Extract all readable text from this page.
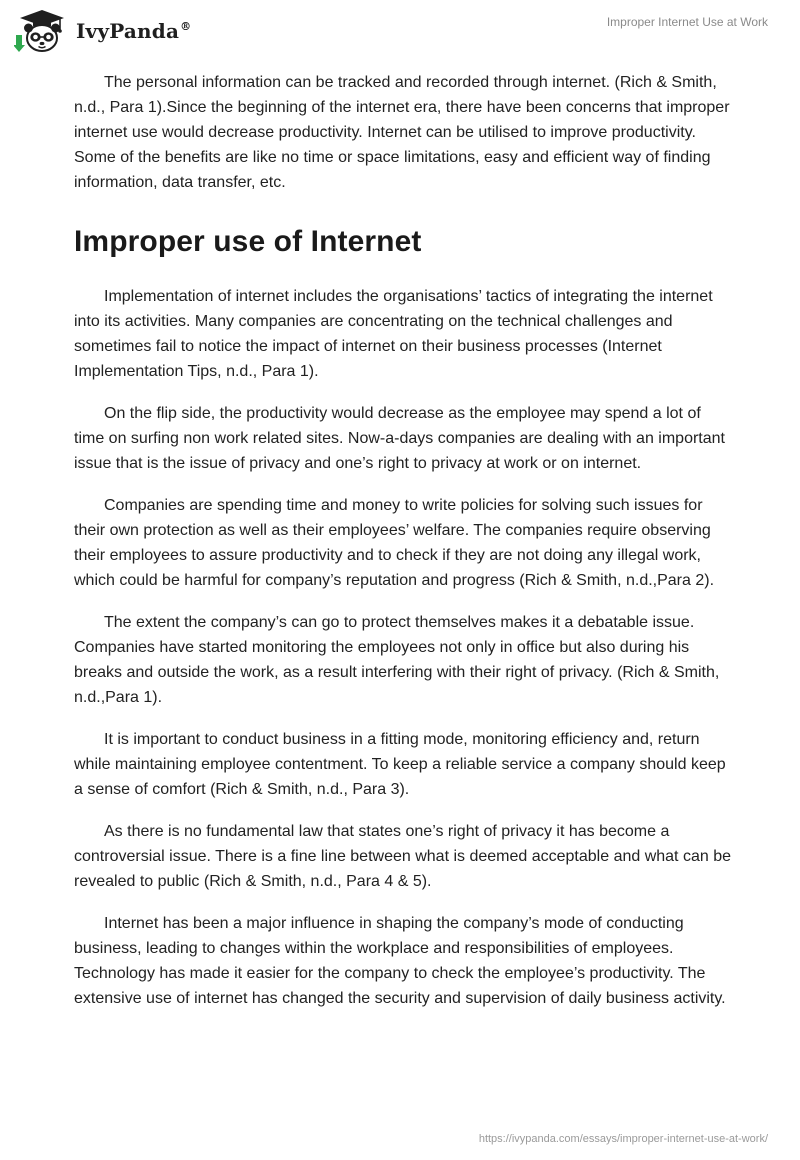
IvyPanda®	Improper Internet Use at Work

The personal information can be tracked and recorded through internet. (Rich & Smith, n.d., Para 1).Since the beginning of the internet era, there have been concerns that improper internet use would decrease productivity. Internet can be utilised to improve productivity. Some of the benefits are like no time or space limitations, easy and efficient way of finding information, data transfer, etc.

Improper use of Internet

Implementation of internet includes the organisations’ tactics of integrating the internet into its activities. Many companies are concentrating on the technical challenges and sometimes fail to notice the impact of internet on their business processes (Internet Implementation Tips, n.d., Para 1).

On the flip side, the productivity would decrease as the employee may spend a lot of time on surfing non work related sites. Now-a-days companies are dealing with an important issue that is the issue of privacy and one’s right to privacy at work or on internet.

Companies are spending time and money to write policies for solving such issues for their own protection as well as their employees’ welfare. The companies require observing their employees to assure productivity and to check if they are not doing any illegal work, which could be harmful for company’s reputation and progress (Rich & Smith, n.d.,Para 2).

The extent the company’s can go to protect themselves makes it a debatable issue. Companies have started monitoring the employees not only in office but also during his breaks and outside the work, as a result interfering with their right of privacy. (Rich & Smith, n.d.,Para 1).

It is important to conduct business in a fitting mode, monitoring efficiency and, return while maintaining employee contentment. To keep a reliable service a company should keep a sense of comfort (Rich & Smith, n.d., Para 3).

As there is no fundamental law that states one’s right of privacy it has become a controversial issue. There is a fine line between what is deemed acceptable and what can be revealed to public (Rich & Smith, n.d., Para 4 & 5).

Internet has been a major influence in shaping the company’s mode of conducting business, leading to changes within the workplace and responsibilities of employees. Technology has made it easier for the company to check the employee’s productivity. The extensive use of internet has changed the security and supervision of daily business activity.

https://ivypanda.com/essays/improper-internet-use-at-work/
